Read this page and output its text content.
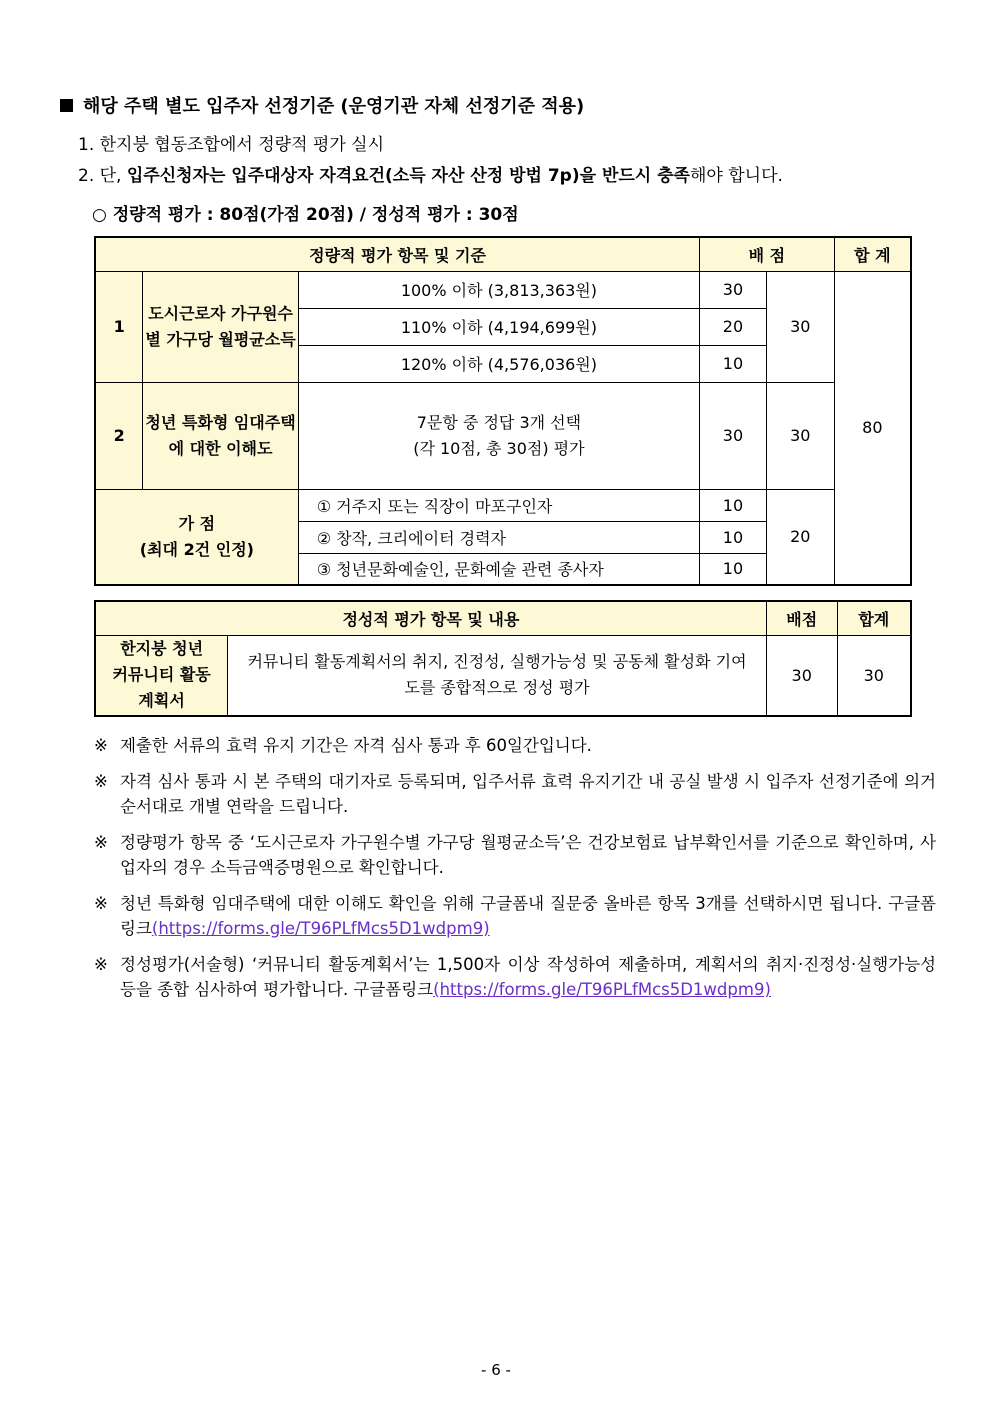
해당 주택 별도 입주자 선정기준 (운영기관 자체 선정기준 적용)
1. 한지붕 협동조합에서 정량적 평가 실시
2. 단, 입주신청자는 입주대상자 자격요건(소득 자산 산정 방법 7p)을 반드시 충족해야 합니다.
○ 정량적 평가 : 80점(가점 20점) / 정성적 평가 : 30점
정량적 평가 항목 및 기준			배 점		합 계
1	도시근로자 가구원수별 가구당 월평균소득	100% 이하 (3,813,363원)	30	30	80
		110% 이하 (4,194,699원)	20		
		120% 이하 (4,576,036원)	10		
2	청년 특화형 임대주택에 대한 이해도	7문항 중 정답 3개 선택 (각 10점, 총 30점) 평가	30	30	

가 점
(최대 2건 인정)		① 거주지 또는 직장이 마포구인자	10	20	
		② 창작, 크리에이터 경력자	10		
		③ 청년문화예술인, 문화예술 관련 종사자	10		
정성적 평가 항목 및 내용		배점	합계
한지붕 청년 커뮤니티 활동계획서	커뮤니티 활동계획서의 취지, 진정성, 실행가능성 및 공동체 활성화 기여도를 종합적으로 정성 평가	30	30
※ 제출한 서류의 효력 유지 기간은 자격 심사 통과 후 60일간입니다.
※ 자격 심사 통과 시 본 주택의 대기자로 등록되며, 입주서류 효력 유지기간 내 공실 발생 시 입주자 선정기준에 의거 순서대로 개별 연락을 드립니다.
※ 정량평가 항목 중 ‘도시근로자 가구원수별 가구당 월평균소득’은 건강보험료 납부확인서를 기준으로 확인하며, 사업자의 경우 소득금액증명원으로 확인합니다.
※ 청년 특화형 임대주택에 대한 이해도 확인을 위해 구글폼내 질문중 올바른 항목 3개를 선택하시면 됩니다. 구글폼링크(https://forms.gle/T96PLfMcs5D1wdpm9)
※ 정성평가(서술형) ‘커뮤니티 활동계획서’는 1,500자 이상 작성하여 제출하며, 계획서의 취지·진정성·실행가능성 등을 종합 심사하여 평가합니다. 구글폼링크(https://forms.gle/T96PLfMcs5D1wdpm9)
- 6 -
